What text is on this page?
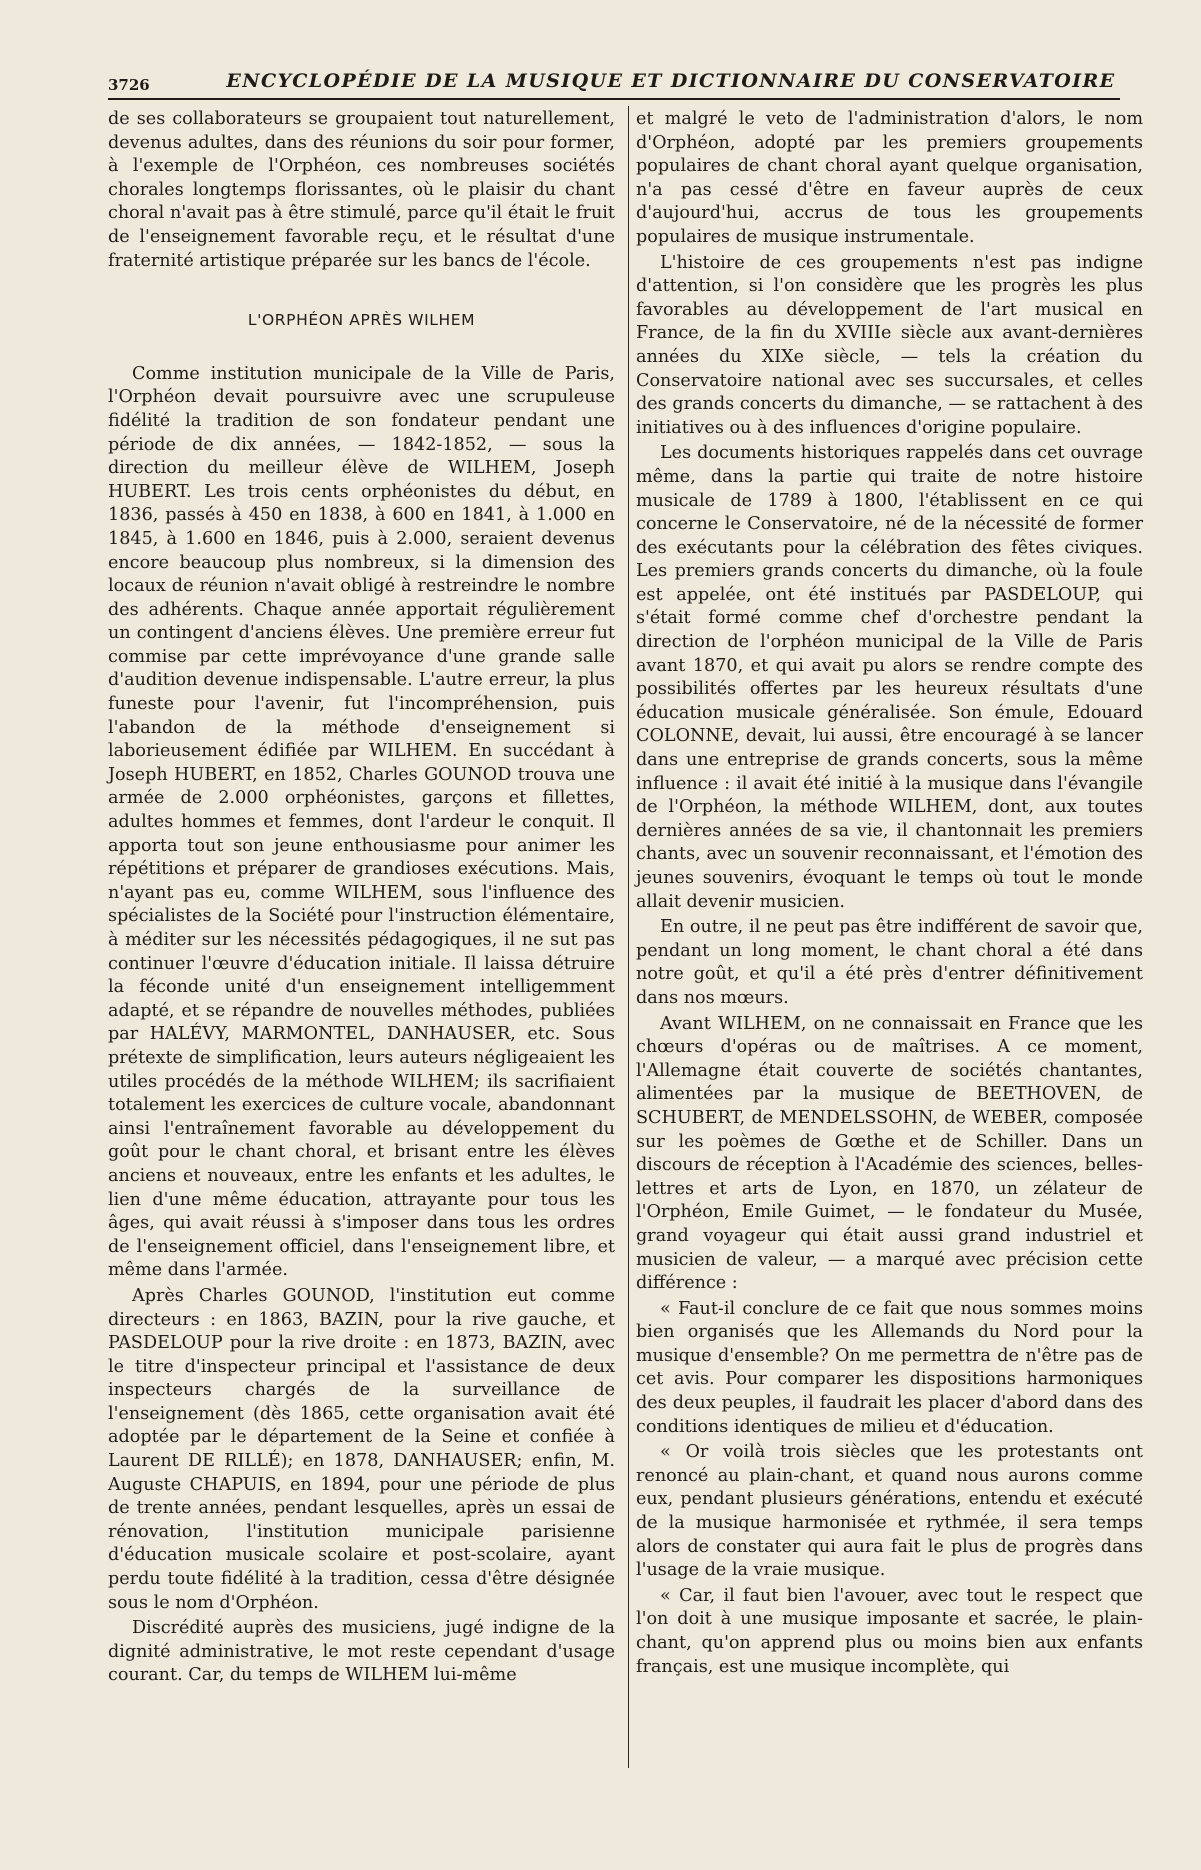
3726	ENCYCLOPÉDIE DE LA MUSIQUE ET DICTIONNAIRE DU CONSERVATOIRE

de ses collaborateurs se groupaient tout naturellement, devenus adultes, dans des réunions du soir pour former, à l'exemple de l'Orphéon, ces nombreuses sociétés chorales longtemps florissantes, où le plaisir du chant choral n'avait pas à être stimulé, parce qu'il était le fruit de l'enseignement favorable reçu, et le résultat d'une fraternité artistique préparée sur les bancs de l'école.

L'ORPHÉON APRÈS WILHEM

Comme institution municipale de la Ville de Paris, l'Orphéon devait poursuivre avec une scrupuleuse fidélité la tradition de son fondateur pendant une période de dix années, — 1842-1852, — sous la direction du meilleur élève de WILHEM, Joseph HUBERT. Les trois cents orphéonistes du début, en 1836, passés à 450 en 1838, à 600 en 1841, à 1.000 en 1845, à 1.600 en 1846, puis à 2.000, seraient devenus encore beaucoup plus nombreux, si la dimension des locaux de réunion n'avait obligé à restreindre le nombre des adhérents. Chaque année apportait régulièrement un contingent d'anciens élèves. Une première erreur fut commise par cette imprévoyance d'une grande salle d'audition devenue indispensable. L'autre erreur, la plus funeste pour l'avenir, fut l'incompréhension, puis l'abandon de la méthode d'enseignement si laborieusement édifiée par WILHEM. En succédant à Joseph HUBERT, en 1852, Charles GOUNOD trouva une armée de 2.000 orphéonistes, garçons et fillettes, adultes hommes et femmes, dont l'ardeur le conquit. Il apporta tout son jeune enthousiasme pour animer les répétitions et préparer de grandioses exécutions. Mais, n'ayant pas eu, comme WILHEM, sous l'influence des spécialistes de la Société pour l'instruction élémentaire, à méditer sur les nécessités pédagogiques, il ne sut pas continuer l'œuvre d'éducation initiale. Il laissa détruire la féconde unité d'un enseignement intelligemment adapté, et se répandre de nouvelles méthodes, publiées par HALÉVY, MARMONTEL, DANHAUSER, etc. Sous prétexte de simplification, leurs auteurs négligeaient les utiles procédés de la méthode WILHEM; ils sacrifiaient totalement les exercices de culture vocale, abandonnant ainsi l'entraînement favorable au développement du goût pour le chant choral, et brisant entre les élèves anciens et nouveaux, entre les enfants et les adultes, le lien d'une même éducation, attrayante pour tous les âges, qui avait réussi à s'imposer dans tous les ordres de l'enseignement officiel, dans l'enseignement libre, et même dans l'armée.

Après Charles GOUNOD, l'institution eut comme directeurs : en 1863, BAZIN, pour la rive gauche, et PASDELOUP pour la rive droite : en 1873, BAZIN, avec le titre d'inspecteur principal et l'assistance de deux inspecteurs chargés de la surveillance de l'enseignement (dès 1865, cette organisation avait été adoptée par le département de la Seine et confiée à Laurent DE RILLÉ); en 1878, DANHAUSER; enfin, M. Auguste CHAPUIS, en 1894, pour une période de plus de trente années, pendant lesquelles, après un essai de rénovation, l'institution municipale parisienne d'éducation musicale scolaire et post-scolaire, ayant perdu toute fidélité à la tradition, cessa d'être désignée sous le nom d'Orphéon.

Discrédité auprès des musiciens, jugé indigne de la dignité administrative, le mot reste cependant d'usage courant. Car, du temps de WILHEM lui-même

et malgré le veto de l'administration d'alors, le nom d'Orphéon, adopté par les premiers groupements populaires de chant choral ayant quelque organisation, n'a pas cessé d'être en faveur auprès de ceux d'aujourd'hui, accrus de tous les groupements populaires de musique instrumentale.

L'histoire de ces groupements n'est pas indigne d'attention, si l'on considère que les progrès les plus favorables au développement de l'art musical en France, de la fin du XVIIIe siècle aux avant-dernières années du XIXe siècle, — tels la création du Conservatoire national avec ses succursales, et celles des grands concerts du dimanche, — se rattachent à des initiatives ou à des influences d'origine populaire.

Les documents historiques rappelés dans cet ouvrage même, dans la partie qui traite de notre histoire musicale de 1789 à 1800, l'établissent en ce qui concerne le Conservatoire, né de la nécessité de former des exécutants pour la célébration des fêtes civiques. Les premiers grands concerts du dimanche, où la foule est appelée, ont été institués par PASDELOUP, qui s'était formé comme chef d'orchestre pendant la direction de l'orphéon municipal de la Ville de Paris avant 1870, et qui avait pu alors se rendre compte des possibilités offertes par les heureux résultats d'une éducation musicale généralisée. Son émule, Edouard COLONNE, devait, lui aussi, être encouragé à se lancer dans une entreprise de grands concerts, sous la même influence : il avait été initié à la musique dans l'évangile de l'Orphéon, la méthode WILHEM, dont, aux toutes dernières années de sa vie, il chantonnait les premiers chants, avec un souvenir reconnaissant, et l'émotion des jeunes souvenirs, évoquant le temps où tout le monde allait devenir musicien.

En outre, il ne peut pas être indifférent de savoir que, pendant un long moment, le chant choral a été dans notre goût, et qu'il a été près d'entrer définitivement dans nos mœurs.

Avant WILHEM, on ne connaissait en France que les chœurs d'opéras ou de maîtrises. A ce moment, l'Allemagne était couverte de sociétés chantantes, alimentées par la musique de BEETHOVEN, de SCHUBERT, de MENDELSSOHN, de WEBER, composée sur les poèmes de Gœthe et de Schiller. Dans un discours de réception à l'Académie des sciences, belles-lettres et arts de Lyon, en 1870, un zélateur de l'Orphéon, Emile Guimet, — le fondateur du Musée, grand voyageur qui était aussi grand industriel et musicien de valeur, — a marqué avec précision cette différence :

« Faut-il conclure de ce fait que nous sommes moins bien organisés que les Allemands du Nord pour la musique d'ensemble? On me permettra de n'être pas de cet avis. Pour comparer les dispositions harmoniques des deux peuples, il faudrait les placer d'abord dans des conditions identiques de milieu et d'éducation.

« Or voilà trois siècles que les protestants ont renoncé au plain-chant, et quand nous aurons comme eux, pendant plusieurs générations, entendu et exécuté de la musique harmonisée et rythmée, il sera temps alors de constater qui aura fait le plus de progrès dans l'usage de la vraie musique.

« Car, il faut bien l'avouer, avec tout le respect que l'on doit à une musique imposante et sacrée, le plain-chant, qu'on apprend plus ou moins bien aux enfants français, est une musique incomplète, qui
